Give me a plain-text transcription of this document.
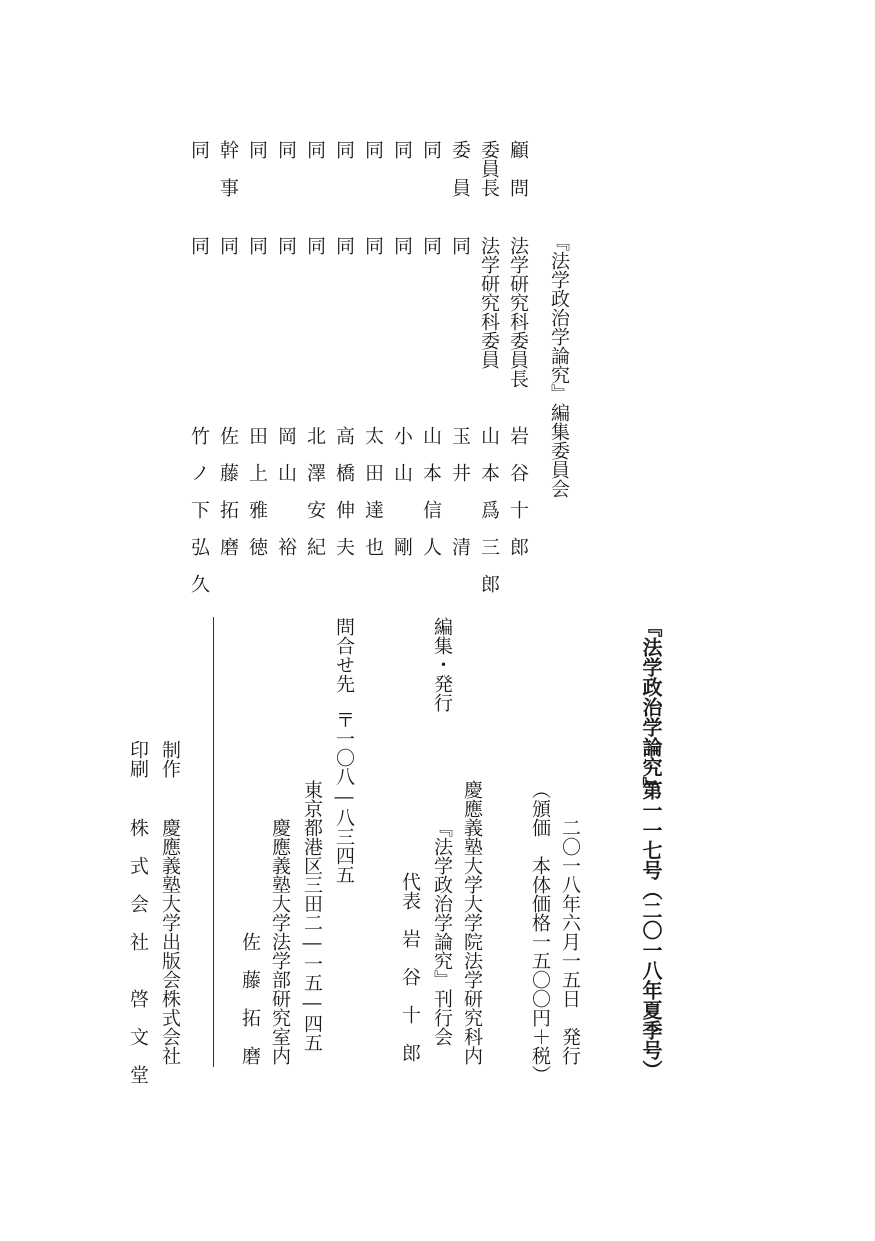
『法学政治学論究』編集委員会
顧　問
法学研究科委員長
岩谷十郎
委員長
法学研究科委員
山本爲三郎
委　員
同
玉井　清
同
同
山本信人
同
同
小山　剛
同
同
太田達也
同
同
高橋伸夫
同
同
北澤安紀
同
同
岡山　裕
同
同
田上雅徳
幹　事
同
佐藤拓磨
同
同
竹ノ下弘久
『法学政治学論究』
第一一七号（二〇一八年夏季号）
二〇一八年六月一五日　発行
（頒価　本体価格一五〇〇円＋税）
編集・発行
慶應義塾大学大学院法学研究科内
『法学政治学論究』刊行会
代表　岩　谷　十　郎
問合せ先
〒一〇八―八三四五
東京都港区三田二―一五―四五
慶應義塾大学法学部研究室内
佐　藤　拓　磨
制作
慶應義塾大学出版会株式会社
印刷
株　式　会　社　　啓　文　堂
